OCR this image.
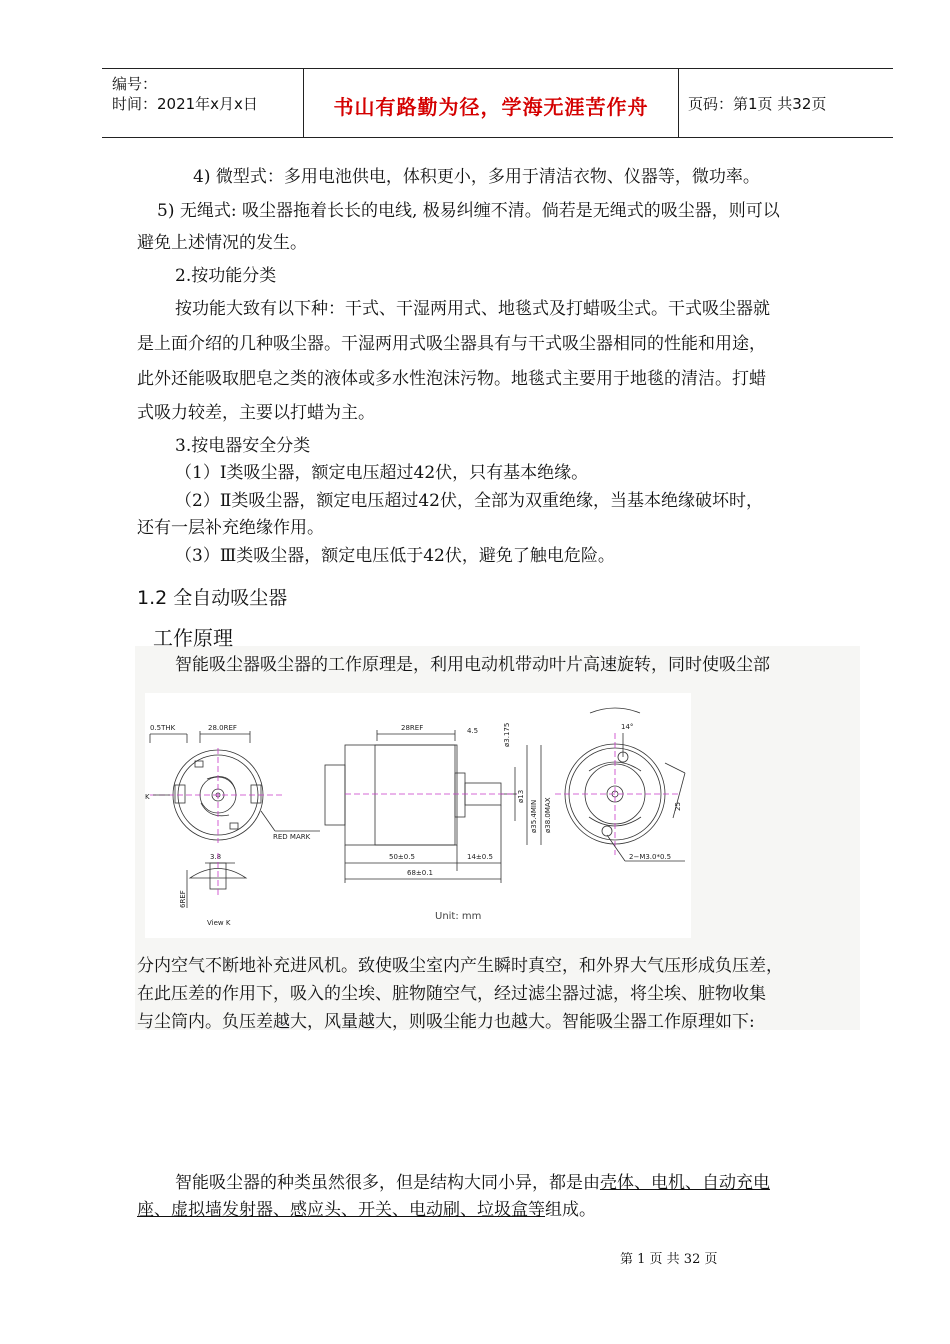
编号：
时间：2021年x月x日	书山有路勤为径，学海无涯苦作舟	页码：第1页 共32页
4) 微型式：多用电池供电，体积更小，多用于清洁衣物、仪器等，微功率。
5) 无绳式: 吸尘器拖着长长的电线, 极易纠缠不清。倘若是无绳式的吸尘器，则可以
避免上述情况的发生。
2.按功能分类
按功能大致有以下种：干式、干湿两用式、地毯式及打蜡吸尘式。干式吸尘器就
是上面介绍的几种吸尘器。干湿两用式吸尘器具有与干式吸尘器相同的性能和用途，
此外还能吸取肥皂之类的液体或多水性泡沫污物。地毯式主要用于地毯的清洁。打蜡
式吸力较差，主要以打蜡为主。
3.按电器安全分类
（1）Ⅰ类吸尘器，额定电压超过42伏，只有基本绝缘。
（2）Ⅱ类吸尘器，额定电压超过42伏，全部为双重绝缘，当基本绝缘破坏时，
还有一层补充绝缘作用。
（3）Ⅲ类吸尘器，额定电压低于42伏，避免了触电危险。
1.2 全自动吸尘器
工作原理
智能吸尘器吸尘器的工作原理是，利用电动机带动叶片高速旋转，同时使吸尘部
0.5THK	28.0REF
K
RED MARK
3.8
6REF
View K
28REF	4.5	ø3.175
ø13
ø35.4MIN ø38.0MAX
50±0.5	14±0.5
68±0.1
Unit: mm
14°
25
2−M3.0*0.5
分内空气不断地补充进风机。致使吸尘室内产生瞬时真空，和外界大气压形成负压差，
在此压差的作用下，吸入的尘埃、脏物随空气，经过滤尘器过滤，将尘埃、脏物收集
与尘筒内。负压差越大，风量越大，则吸尘能力也越大。智能吸尘器工作原理如下:
智能吸尘器的种类虽然很多，但是结构大同小异，都是由壳体、电机、自动充电
座、虚拟墙发射器、感应头、开关、电动刷、垃圾盒等组成。
第 1 页 共 32 页
